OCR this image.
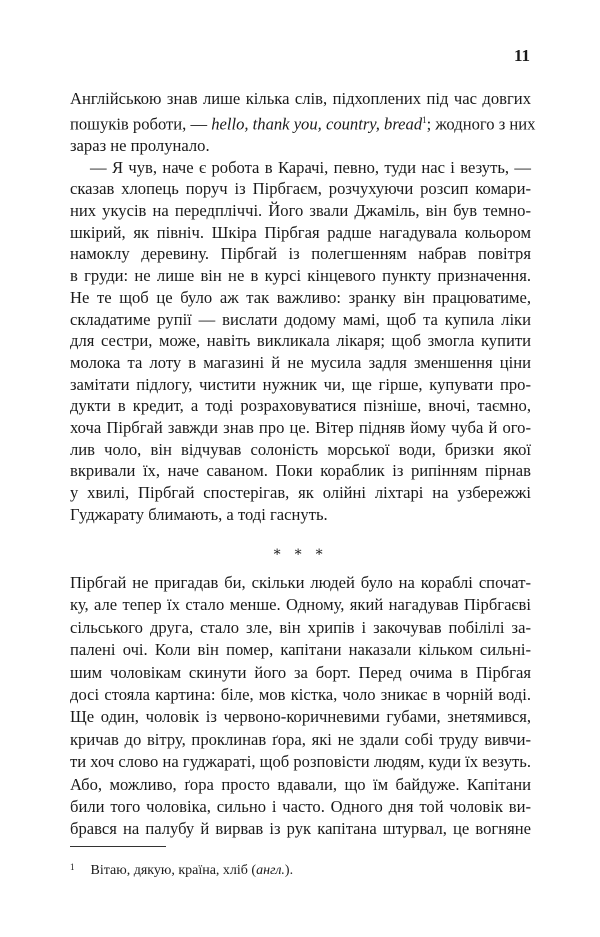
11
Англійською знав лише кілька слів, підхоплених під час довгих
пошуків роботи, — hello, thank you, country, bread$^1$; жодного з них
зараз не пролунало.
— Я чув, наче є робота в Карачі, певно, туди нас і везуть, —
сказав хлопець поруч із Пірбгаєм, розчухуючи розсип комари-
них укусів на передпліччі. Його звали Джаміль, він був темно-
шкірий, як північ. Шкіра Пірбгая радше нагадувала кольором
намоклу деревину. Пірбгай із полегшенням набрав повітря
в груди: не лише він не в курсі кінцевого пункту призначення.
Не те щоб це було аж так важливо: зранку він працюватиме,
складатиме рупії — вислати додому мамі, щоб та купила ліки
для сестри, може, навіть викликала лікаря; щоб змогла купити
молока та лоту в магазині й не мусила задля зменшення ціни
замітати підлогу, чистити нужник чи, ще гірше, купувати про-
дукти в кредит, а тоді розраховуватися пізніше, вночі, таємно,
хоча Пірбгай завжди знав про це. Вітер підняв йому чуба й ого-
лив чоло, він відчував солоність морської води, бризки якої
вкривали їх, наче саваном. Поки кораблик із рипінням пірнав
у хвилі, Пірбгай спостерігав, як олійні ліхтарі на узбережжі
Гуджарату блимають, а тоді гаснуть.
∗ ∗ ∗
Пірбгай не пригадав би, скільки людей було на кораблі спочат-
ку, але тепер їх стало менше. Одному, який нагадував Пірбгаєві
сільського друга, стало зле, він хрипів і закочував побілілі за-
палені очі. Коли він помер, капітани наказали кільком сильні-
шим чоловікам скинути його за борт. Перед очима в Пірбгая
досі стояла картина: біле, мов кістка, чоло зникає в чорній воді.
Ще один, чоловік із червоно-коричневими губами, знетямився,
кричав до вітру, проклинав ґора, які не здали собі труду вивчи-
ти хоч слово на гуджараті, щоб розповісти людям, куди їх везуть.
Або, можливо, ґора просто вдавали, що їм байдуже. Капітани
били того чоловіка, сильно і часто. Одного дня той чоловік ви-
брався на палубу й вирвав із рук капітана штурвал, це вогняне
$^1$ Вітаю, дякую, країна, хліб (англ.).
